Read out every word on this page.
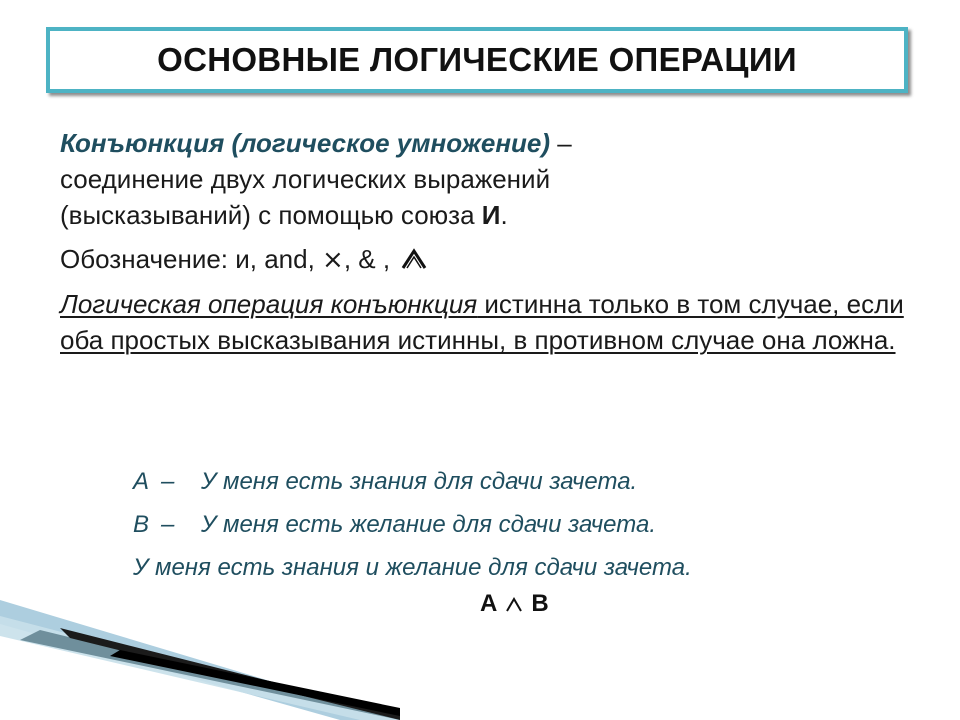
ОСНОВНЫЕ ЛОГИЧЕСКИЕ ОПЕРАЦИИ

Конъюнкция (логическое умножение) –
соединение двух логических выражений
(высказываний) с помощью союза И.

Обозначение: и, and, ×, & ,

Логическая операция конъюнкция истинна только в том случае, если оба простых высказывания истинны, в противном случае она ложна.

A – У меня есть знания для сдачи зачета.
B – У меня есть желание для сдачи зачета.
У меня есть знания и желание для сдачи зачета.
A B
